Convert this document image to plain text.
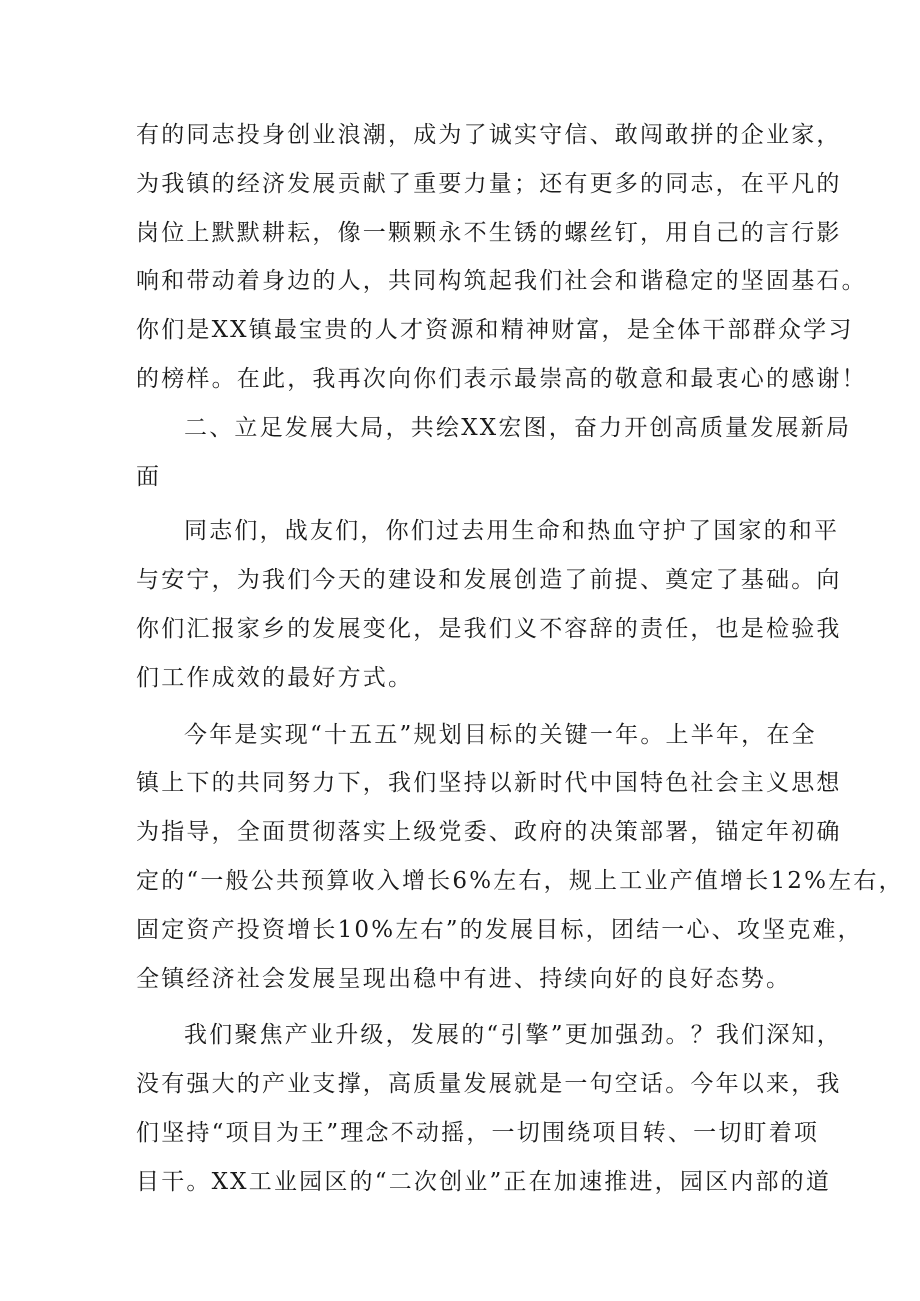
有的同志投身创业浪潮，成为了诚实守信、敢闯敢拼的企业家，
为我镇的经济发展贡献了重要力量；还有更多的同志，在平凡的
岗位上默默耕耘，像一颗颗永不生锈的螺丝钉，用自己的言行影
响和带动着身边的人，共同构筑起我们社会和谐稳定的坚固基石。
你们是XX镇最宝贵的人才资源和精神财富，是全体干部群众学习
的榜样。在此，我再次向你们表示最崇高的敬意和最衷心的感谢！
二、立足发展大局，共绘XX宏图，奋力开创高质量发展新局
面
同志们，战友们，你们过去用生命和热血守护了国家的和平
与安宁，为我们今天的建设和发展创造了前提、奠定了基础。向
你们汇报家乡的发展变化，是我们义不容辞的责任，也是检验我
们工作成效的最好方式。
今年是实现“十五五”规划目标的关键一年。上半年，在全
镇上下的共同努力下，我们坚持以新时代中国特色社会主义思想
为指导，全面贯彻落实上级党委、政府的决策部署，锚定年初确
定的“一般公共预算收入增长6%左右，规上工业产值增长12%左右，
固定资产投资增长10%左右”的发展目标，团结一心、攻坚克难，
全镇经济社会发展呈现出稳中有进、持续向好的良好态势。
我们聚焦产业升级，发展的“引擎”更加强劲。？我们深知，
没有强大的产业支撑，高质量发展就是一句空话。今年以来，我
们坚持“项目为王”理念不动摇，一切围绕项目转、一切盯着项
目干。XX工业园区的“二次创业”正在加速推进，园区内部的道
